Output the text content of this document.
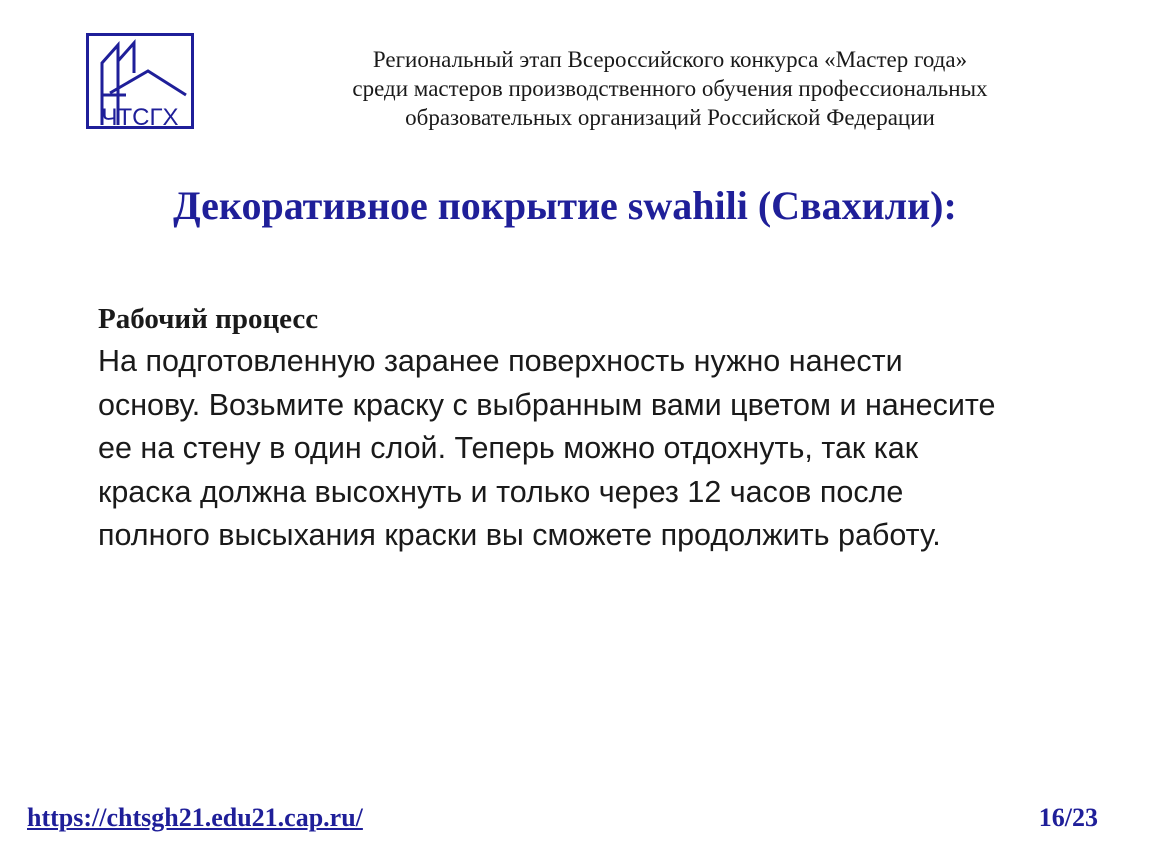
ЧТСГХ
Региональный этап Всероссийского конкурса «Мастер года»
среди мастеров производственного обучения профессиональных
образовательных организаций Российской Федерации
Декоративное покрытие swahili (Свахили):
Рабочий процесс
На подготовленную заранее поверхность нужно нанести
основу. Возьмите краску с выбранным вами цветом и нанесите
ее на стену в один слой. Теперь можно отдохнуть, так как
краска должна высохнуть и только через 12 часов после
полного высыхания краски вы сможете продолжить работу.
https://chtsgh21.edu21.cap.ru/	16/23
